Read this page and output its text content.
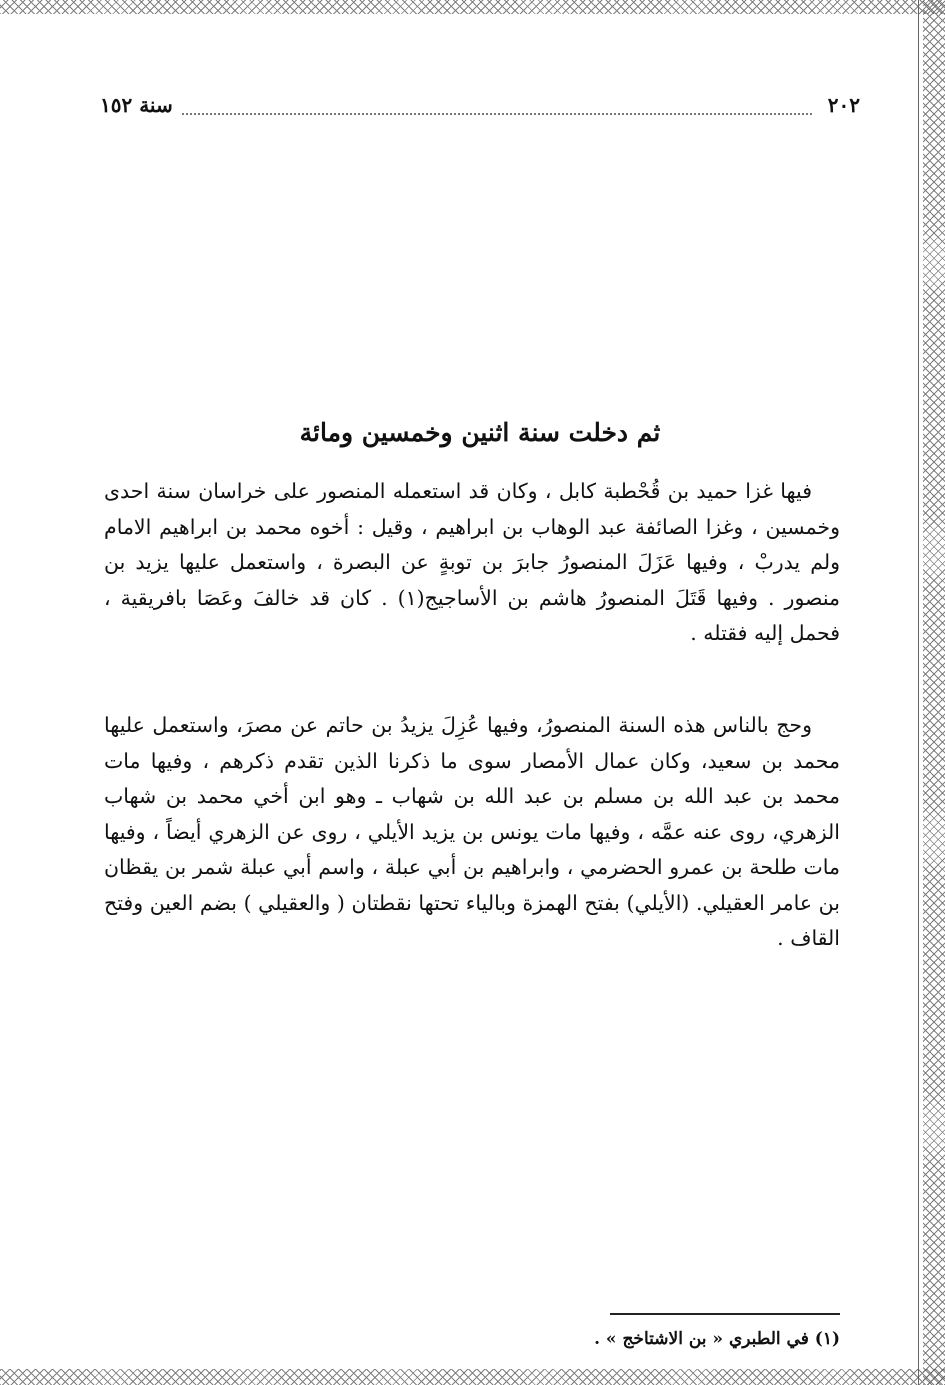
٢٠٢
سنة ١٥٢
ثم دخلت سنة اثنين وخمسين ومائة

فيها غزا حميد بن قُحْطبة كابل ، وكان قد استعمله المنصور على خراسان سنة احدى وخمسين ، وغزا الصائفة عبد الوهاب بن ابراهيم ، وقيل : أخوه محمد بن ابراهيم الامام ولم يدربْ ، وفيها عَزَلَ المنصورُ جابرَ بن توبةٍ عن البصرة ، واستعمل عليها يزيد بن منصور . وفيها قَتَلَ المنصورُ هاشم بن الأساجيج(١) . كان قد خالفَ وعَصَا بافريقية ، فحمل إليه فقتله .

وحج بالناس هذه السنة المنصورُ، وفيها عُزِلَ يزيدُ بن حاتم عن مصرَ، واستعمل عليها محمد بن سعيد، وكان عمال الأمصار سوى ما ذكرنا الذين تقدم ذكرهم ، وفيها مات محمد بن عبد الله بن مسلم بن عبد الله بن شهاب ـ وهو ابن أخي محمد بن شهاب الزهري، روى عنه عمَّه ، وفيها مات يونس بن يزيد الأيلي ، روى عن الزهري أيضاً ، وفيها مات طلحة بن عمرو الحضرمي ، وابراهيم بن أبي عبلة ، واسم أبي عبلة شمر بن يقظان بن عامر العقيلي. (الأيلي) بفتح الهمزة وبالياء تحتها نقطتان ( والعقيلي ) بضم العين وفتح القاف .

(١) في الطبري « بن الاشتاخج » .
